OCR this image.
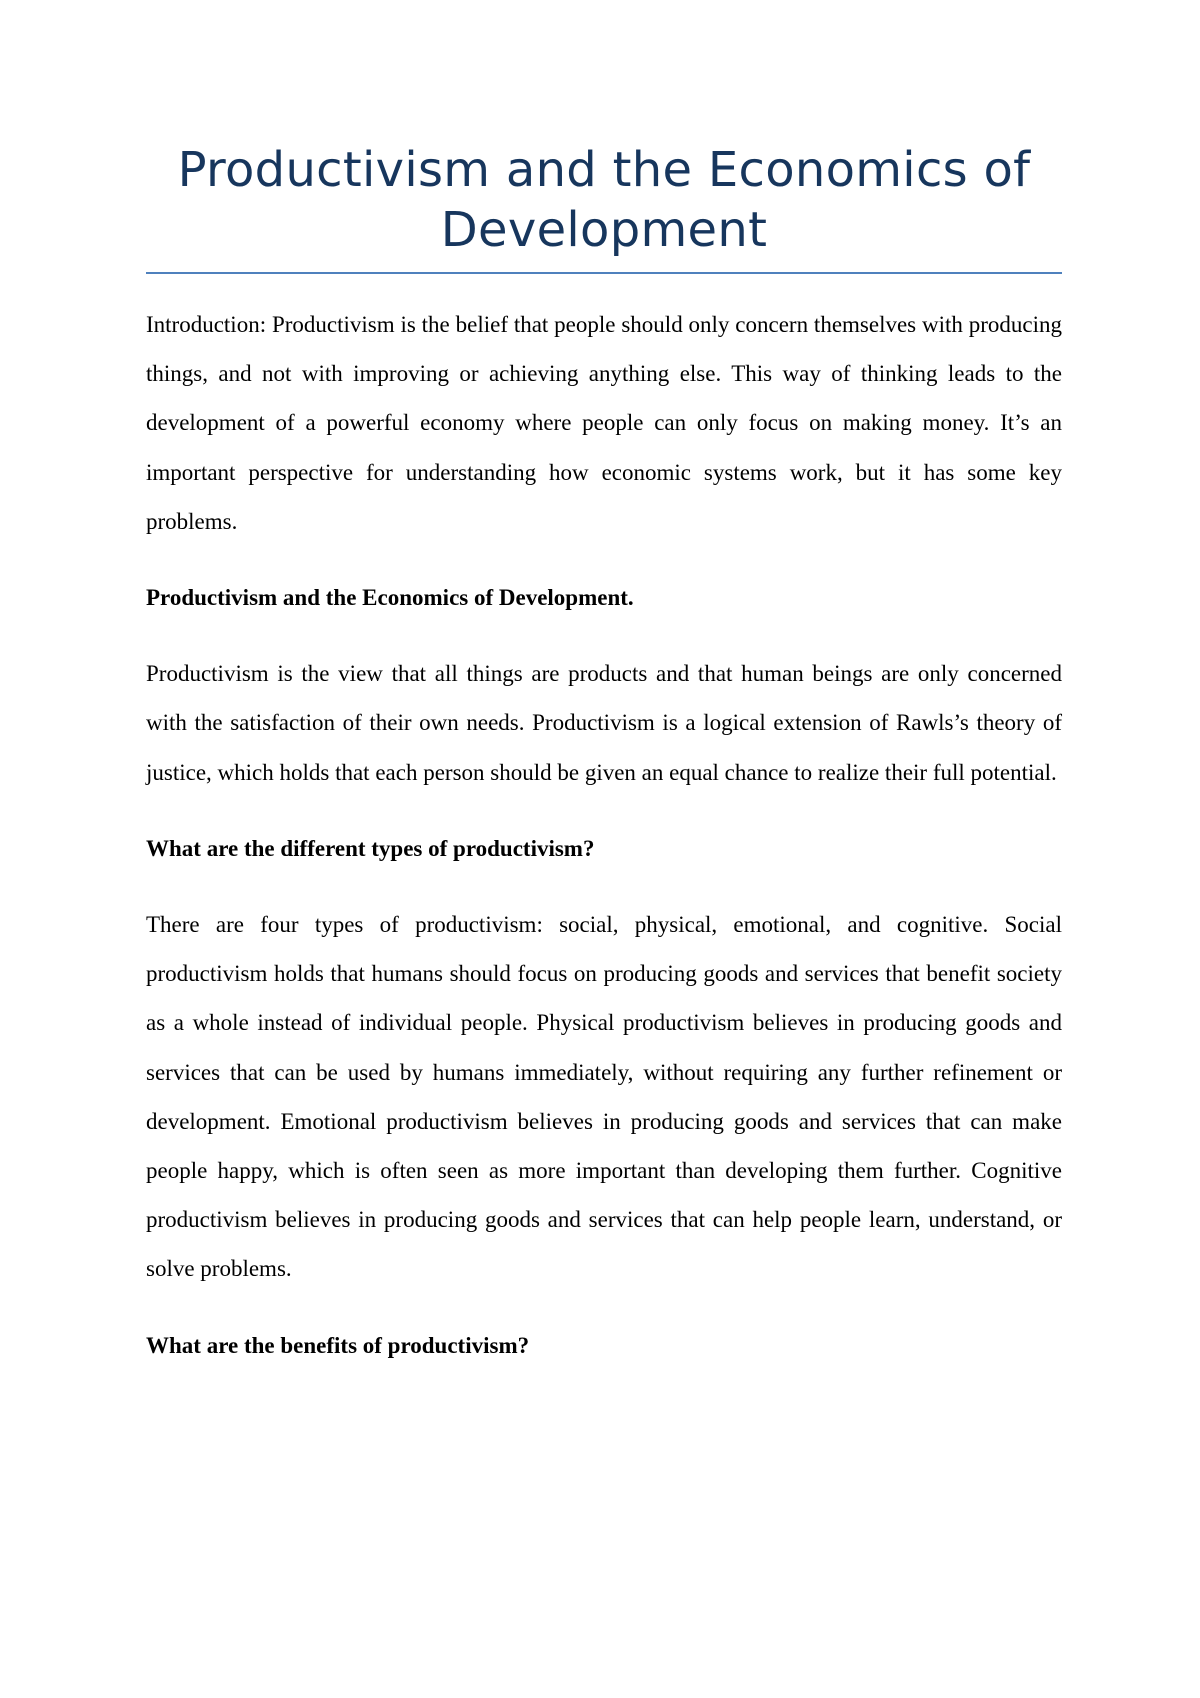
Productivism and the Economics of Development

Introduction: Productivism is the belief that people should only concern themselves with producing things, and not with improving or achieving anything else. This way of thinking leads to the development of a powerful economy where people can only focus on making money. It’s an important perspective for understanding how economic systems work, but it has some key problems.

Productivism and the Economics of Development.

Productivism is the view that all things are products and that human beings are only concerned with the satisfaction of their own needs. Productivism is a logical extension of Rawls’s theory of justice, which holds that each person should be given an equal chance to realize their full potential.

What are the different types of productivism?

There are four types of productivism: social, physical, emotional, and cognitive. Social productivism holds that humans should focus on producing goods and services that benefit society as a whole instead of individual people. Physical productivism believes in producing goods and services that can be used by humans immediately, without requiring any further refinement or development. Emotional productivism believes in producing goods and services that can make people happy, which is often seen as more important than developing them further. Cognitive productivism believes in producing goods and services that can help people learn, understand, or solve problems.

What are the benefits of productivism?
